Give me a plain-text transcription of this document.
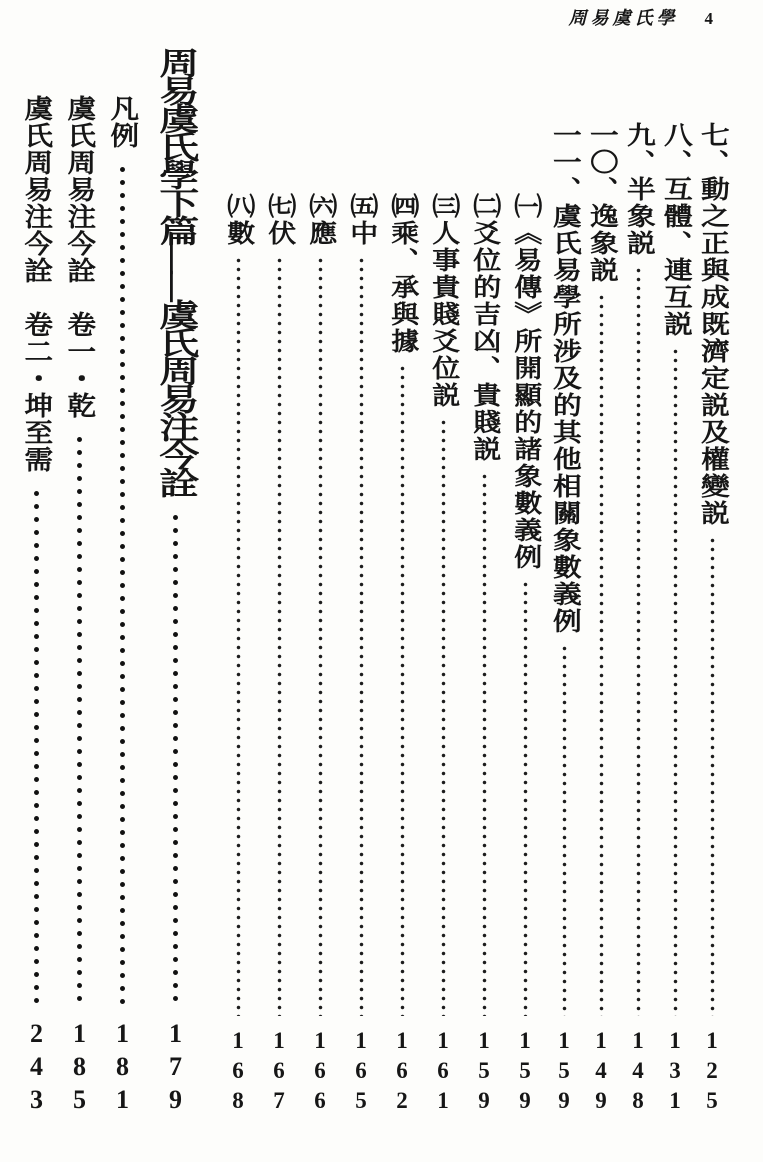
周易虞氏學 4
七、動之正與成既濟定説及權變説
125
八、互體、連互説
131
九、半象説
148
一〇、逸象説
149
一一、虞氏易學所涉及的其他相關象數義例
159
㈠《易傳》所開顯的諸象數義例
159
㈡爻位的吉凶、貴賤説
159
㈢人事貴賤爻位説
161
㈣乘、承與據
162
㈤中
165
㈥應
166
㈦伏
167
㈧數
168
周易虞氏學下篇——虞氏周易注今詮
179
凡例
181
虞氏周易注今詮　卷一・乾
185
虞氏周易注今詮　卷二・坤至需
243
